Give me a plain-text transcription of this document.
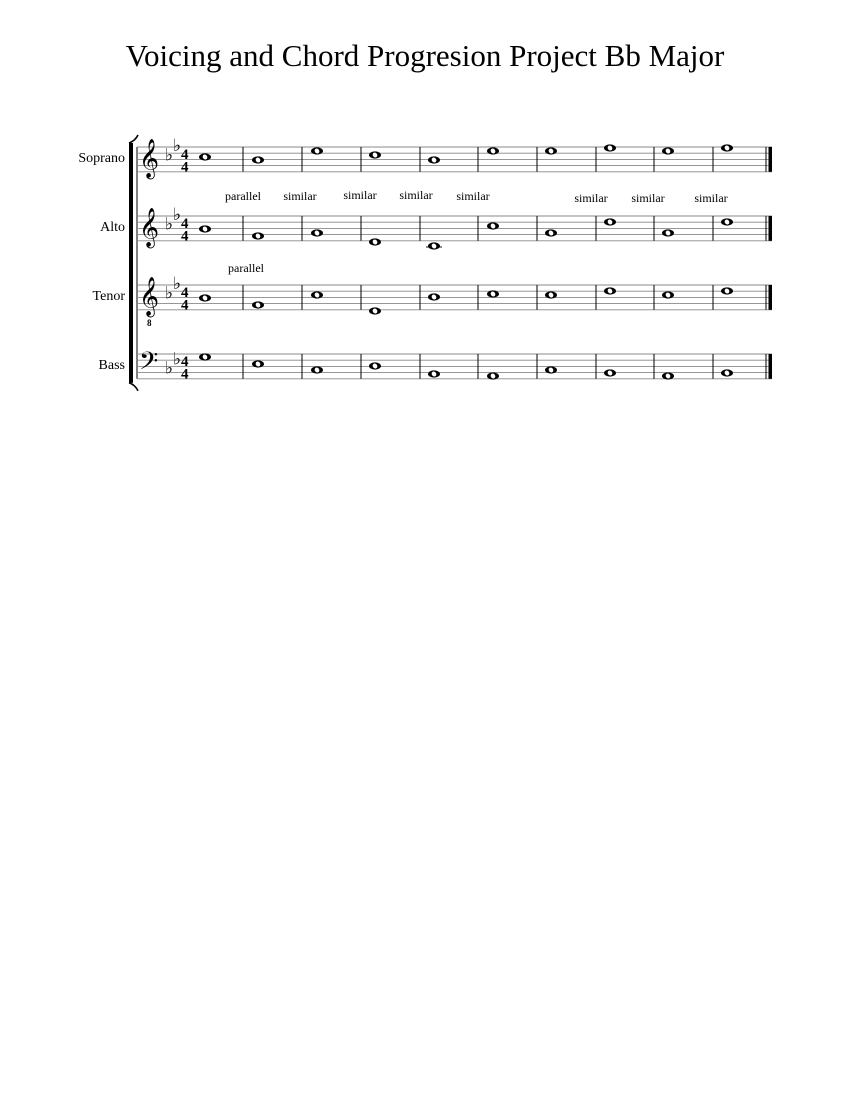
Voicing and Chord Progresion Project Bb Major
Soprano
Alto
Tenor
Bass
parallel similar similar similar similar	similar similar similar
parallel
𝄞 ♭ ♭ 4
4
𝄞 ♭ ♭ 4
4
𝄞
8
♭ ♭ 4
4
𝄢 ♭ ♭ 4
4
